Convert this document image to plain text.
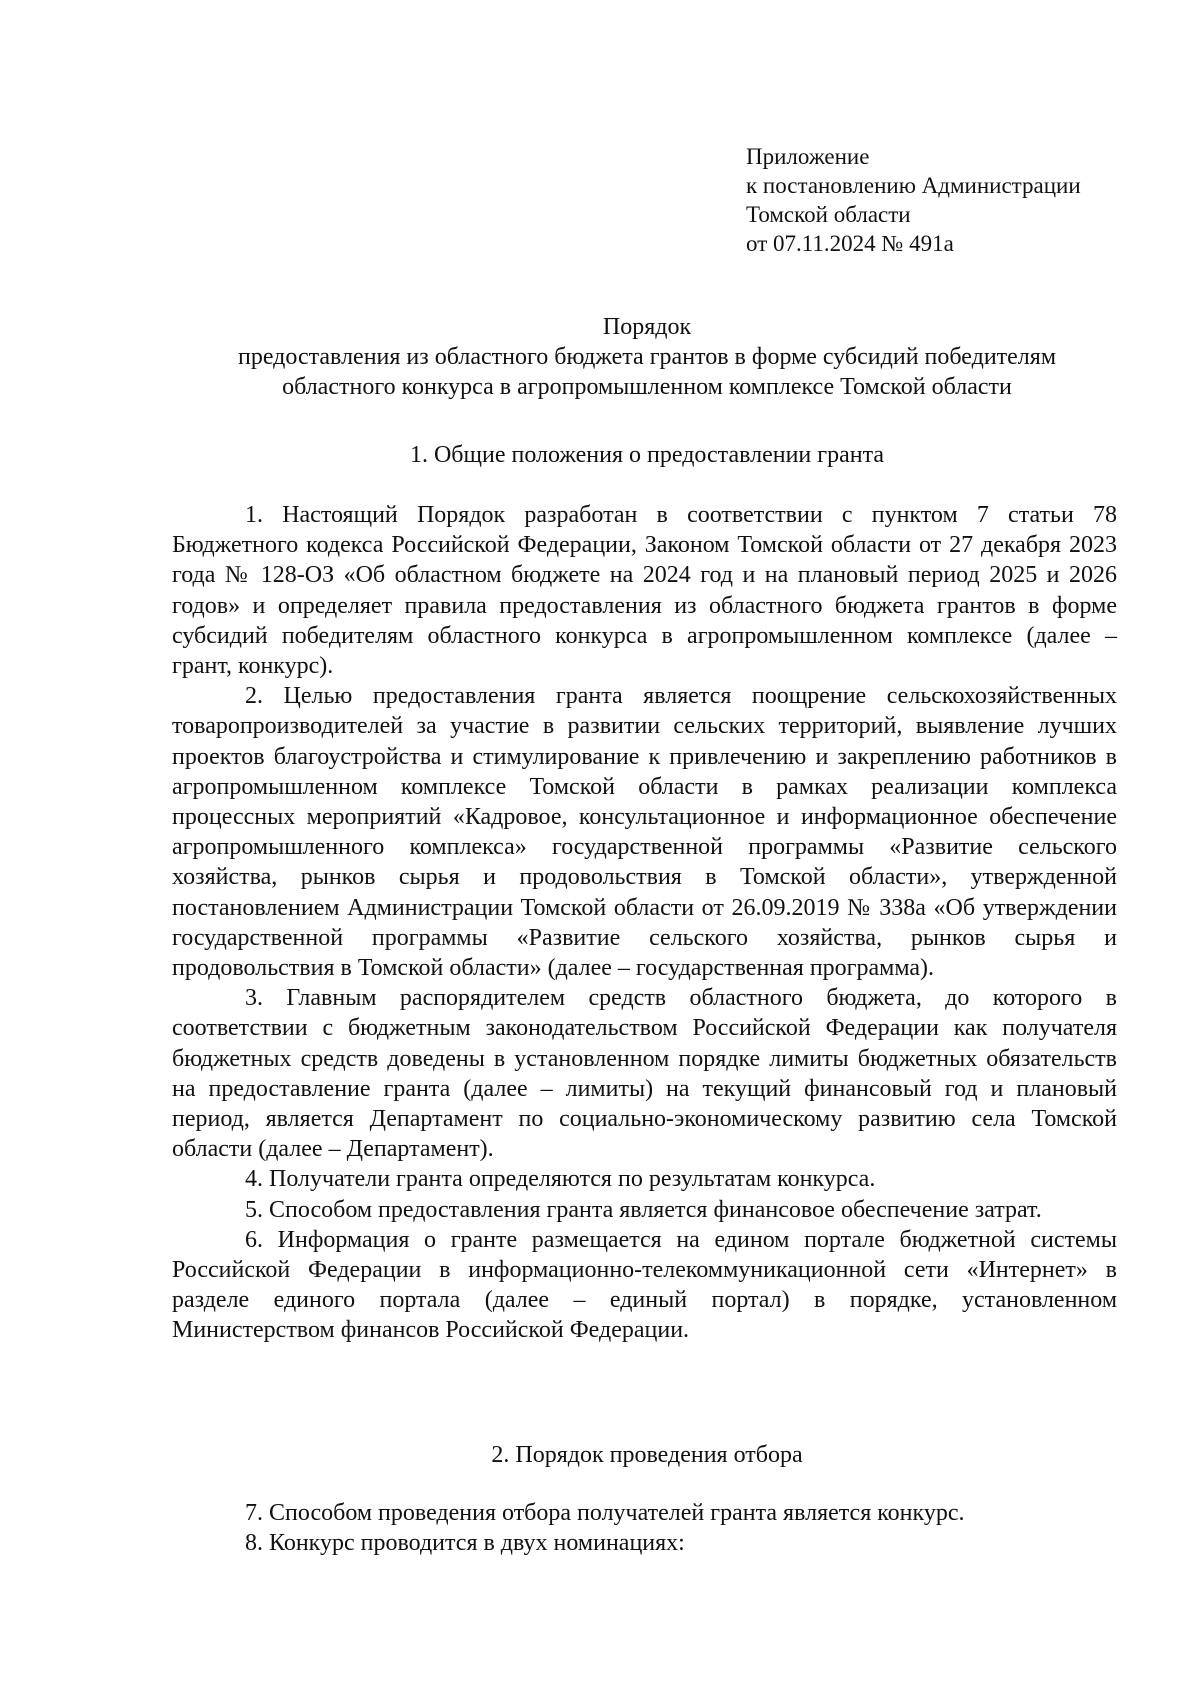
Приложение
к постановлению Администрации
Томской области
от 07.11.2024 № 491а
Порядок
предоставления из областного бюджета грантов в форме субсидий победителям
областного конкурса в агропромышленном комплексе Томской области
1. Общие положения о предоставлении гранта

1. Настоящий Порядок разработан в соответствии с пунктом 7 статьи 78 Бюджетного кодекса Российской Федерации, Законом Томской области от 27 декабря 2023 года № 128-ОЗ «Об областном бюджете на 2024 год и на плановый период 2025 и 2026 годов» и определяет правила предоставления из областного бюджета грантов в форме субсидий победителям областного конкурса в агропромышленном комплексе (далее – грант, конкурс).

2. Целью предоставления гранта является поощрение сельскохозяйственных товаропроизводителей за участие в развитии сельских территорий, выявление лучших проектов благоустройства и стимулирование к привлечению и закреплению работников в агропромышленном комплексе Томской области в рамках реализации комплекса процессных мероприятий «Кадровое, консультационное и информационное обеспечение агропромышленного комплекса» государственной программы «Развитие сельского хозяйства, рынков сырья и продовольствия в Томской области», утвержденной постановлением Администрации Томской области от 26.09.2019 № 338а «Об утверждении государственной программы «Развитие сельского хозяйства, рынков сырья и продовольствия в Томской области» (далее – государственная программа).

3. Главным распорядителем средств областного бюджета, до которого в соответствии с бюджетным законодательством Российской Федерации как получателя бюджетных средств доведены в установленном порядке лимиты бюджетных обязательств на предоставление гранта (далее – лимиты) на текущий финансовый год и плановый период, является Департамент по социально-экономическому развитию села Томской области (далее – Департамент).

4. Получатели гранта определяются по результатам конкурса.

5. Способом предоставления гранта является финансовое обеспечение затрат.

6. Информация о гранте размещается на едином портале бюджетной системы Российской Федерации в информационно-телекоммуникационной сети «Интернет» в разделе единого портала (далее – единый портал) в порядке, установленном Министерством финансов Российской Федерации.

2. Порядок проведения отбора

7. Способом проведения отбора получателей гранта является конкурс.

8. Конкурс проводится в двух номинациях:
